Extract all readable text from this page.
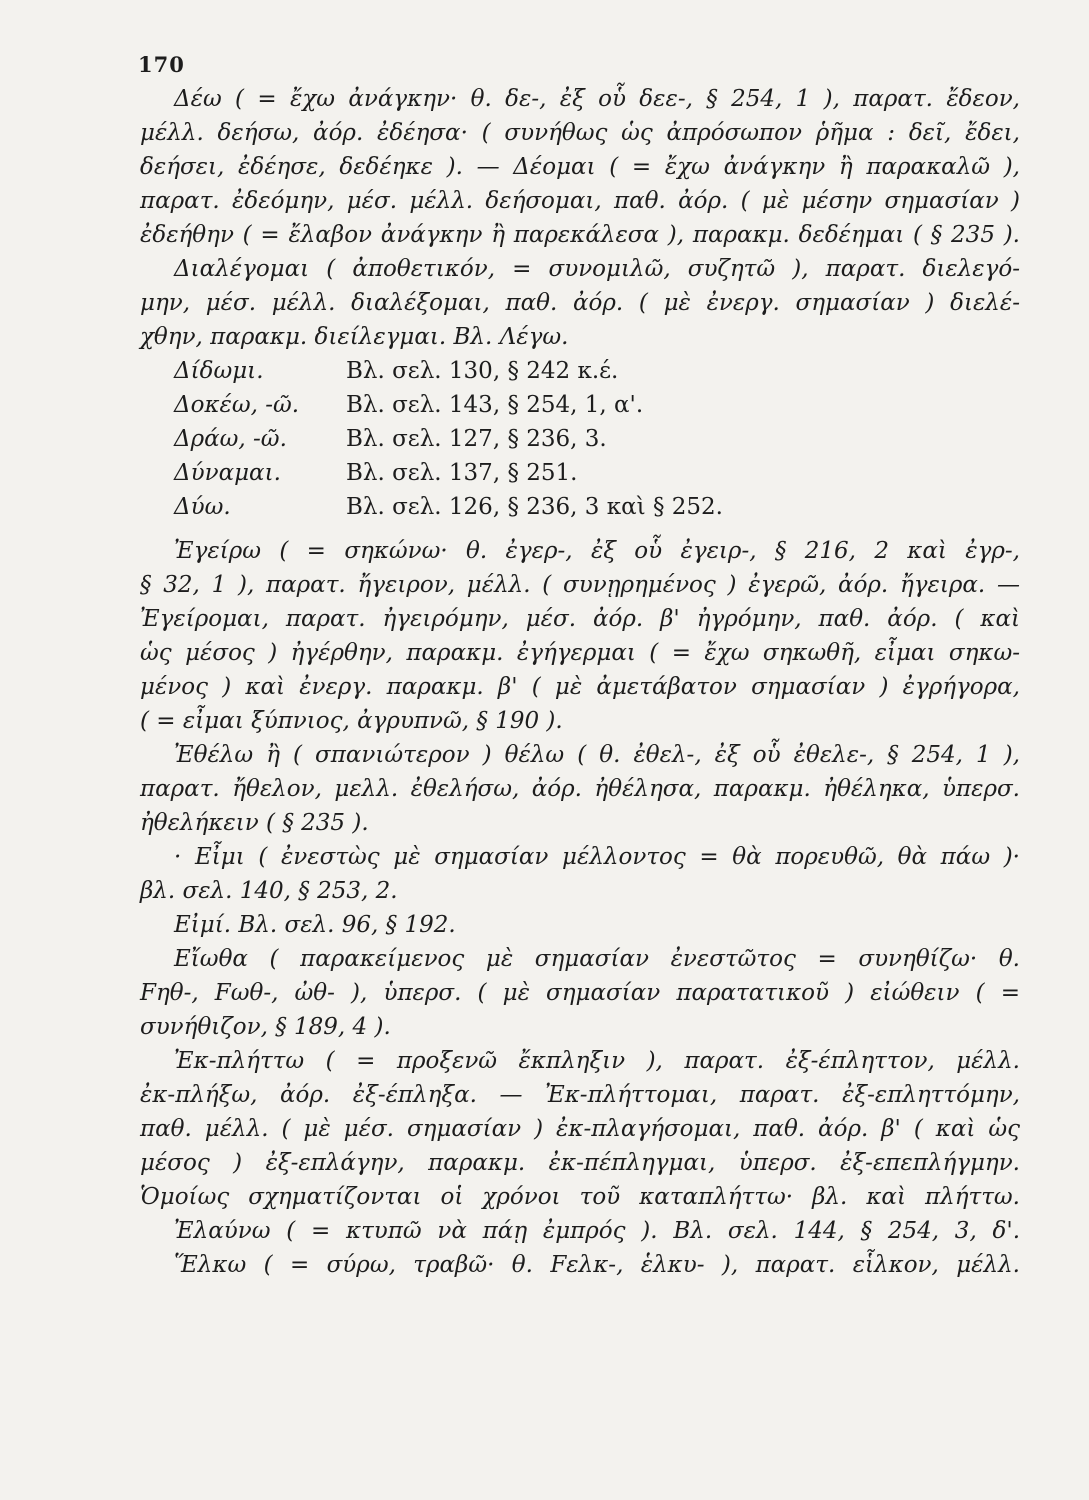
170
Δέω ( = ἔχω ἀνάγκην· θ. δε-, ἐξ οὗ δεε-, § 254, 1 ), παρατ. ἔδεον,
μέλλ. δεήσω, ἀόρ. ἐδέησα· ( συνήθως ὡς ἀπρόσωπον ῥῆμα : δεῖ, ἔδει,
δεήσει, ἐδέησε, δεδέηκε ). — Δέομαι ( = ἔχω ἀνάγκην ἢ παρακαλῶ ),
παρατ. ἐδεόμην, μέσ. μέλλ. δεήσομαι, παθ. ἀόρ. ( μὲ μέσην σημασίαν )
ἐδεήθην ( = ἔλαβον ἀνάγκην ἢ παρεκάλεσα ), παρακμ. δεδέημαι ( § 235 ).
Διαλέγομαι ( ἀποθετικόν, = συνομιλῶ, συζητῶ ), παρατ. διελεγό-
μην, μέσ. μέλλ. διαλέξομαι, παθ. ἀόρ. ( μὲ ἐνεργ. σημασίαν ) διελέ-
χθην, παρακμ. διείλεγμαι. Βλ. Λέγω.
Δίδωμι.	Βλ. σελ. 130, § 242 κ.έ.
Δοκέω, -ῶ. Βλ. σελ. 143, § 254, 1, α'.
Δράω, -ῶ.	Βλ. σελ. 127, § 236, 3.
Δύναμαι.	Βλ. σελ. 137, § 251.
Δύω.	Βλ. σελ. 126, § 236, 3 καὶ § 252.
Ἐγείρω ( = σηκώνω· θ. ἐγερ-, ἐξ οὗ ἐγειρ-, § 216, 2 καὶ ἐγρ-,
§ 32, 1 ), παρατ. ἤγειρον, μέλλ. ( συνῃρημένος ) ἐγερῶ, ἀόρ. ἤγειρα. —
Ἐγείρομαι, παρατ. ἠγειρόμην, μέσ. ἀόρ. β' ἠγρόμην, παθ. ἀόρ. ( καὶ
ὡς μέσος ) ἠγέρθην, παρακμ. ἐγήγερμαι ( = ἔχω σηκωθῆ, εἶμαι σηκω-
μένος ) καὶ ἐνεργ. παρακμ. β' ( μὲ ἀμετάβατον σημασίαν ) ἐγρήγορα,
( = εἶμαι ξύπνιος, ἀγρυπνῶ, § 190 ).
Ἐθέλω ἢ ( σπανιώτερον ) θέλω ( θ. ἐθελ-, ἐξ οὗ ἐθελε-, § 254, 1 ),
παρατ. ἤθελον, μελλ. ἐθελήσω, ἀόρ. ἠθέλησα, παρακμ. ἠθέληκα, ὑπερσ.
ἠθελήκειν ( § 235 ).
· Εἶμι ( ἐνεστὼς μὲ σημασίαν μέλλοντος = θὰ πορευθῶ, θὰ πάω )·
βλ. σελ. 140, § 253, 2.
Εἰμί. Βλ. σελ. 96, § 192.
Εἴωθα ( παρακείμενος μὲ σημασίαν ἐνεστῶτος = συνηθίζω· θ.
Fηθ-, Fωθ-, ὠθ- ), ὑπερσ. ( μὲ σημασίαν παρατατικοῦ ) εἰώθειν ( =
συνήθιζον, § 189, 4 ).
Ἐκ-πλήττω ( = προξενῶ ἔκπληξιν ), παρατ. ἐξ-έπληττον, μέλλ.
ἐκ-πλήξω, ἀόρ. ἐξ-έπληξα. — Ἐκ-πλήττομαι, παρατ. ἐξ-επληττόμην,
παθ. μέλλ. ( μὲ μέσ. σημασίαν ) ἐκ-πλαγήσομαι, παθ. ἀόρ. β' ( καὶ ὡς
μέσος ) ἐξ-επλάγην, παρακμ. ἐκ-πέπληγμαι, ὑπερσ. ἐξ-επεπλήγμην.
Ὁμοίως σχηματίζονται οἱ χρόνοι τοῦ καταπλήττω· βλ. καὶ πλήττω.
Ἐλαύνω ( = κτυπῶ νὰ πάῃ ἐμπρός ). Βλ. σελ. 144, § 254, 3, δ'.
Ἕλκω ( = σύρω, τραβῶ· θ. Fελκ-, ἑλκυ- ), παρατ. εἷλκον, μέλλ.
